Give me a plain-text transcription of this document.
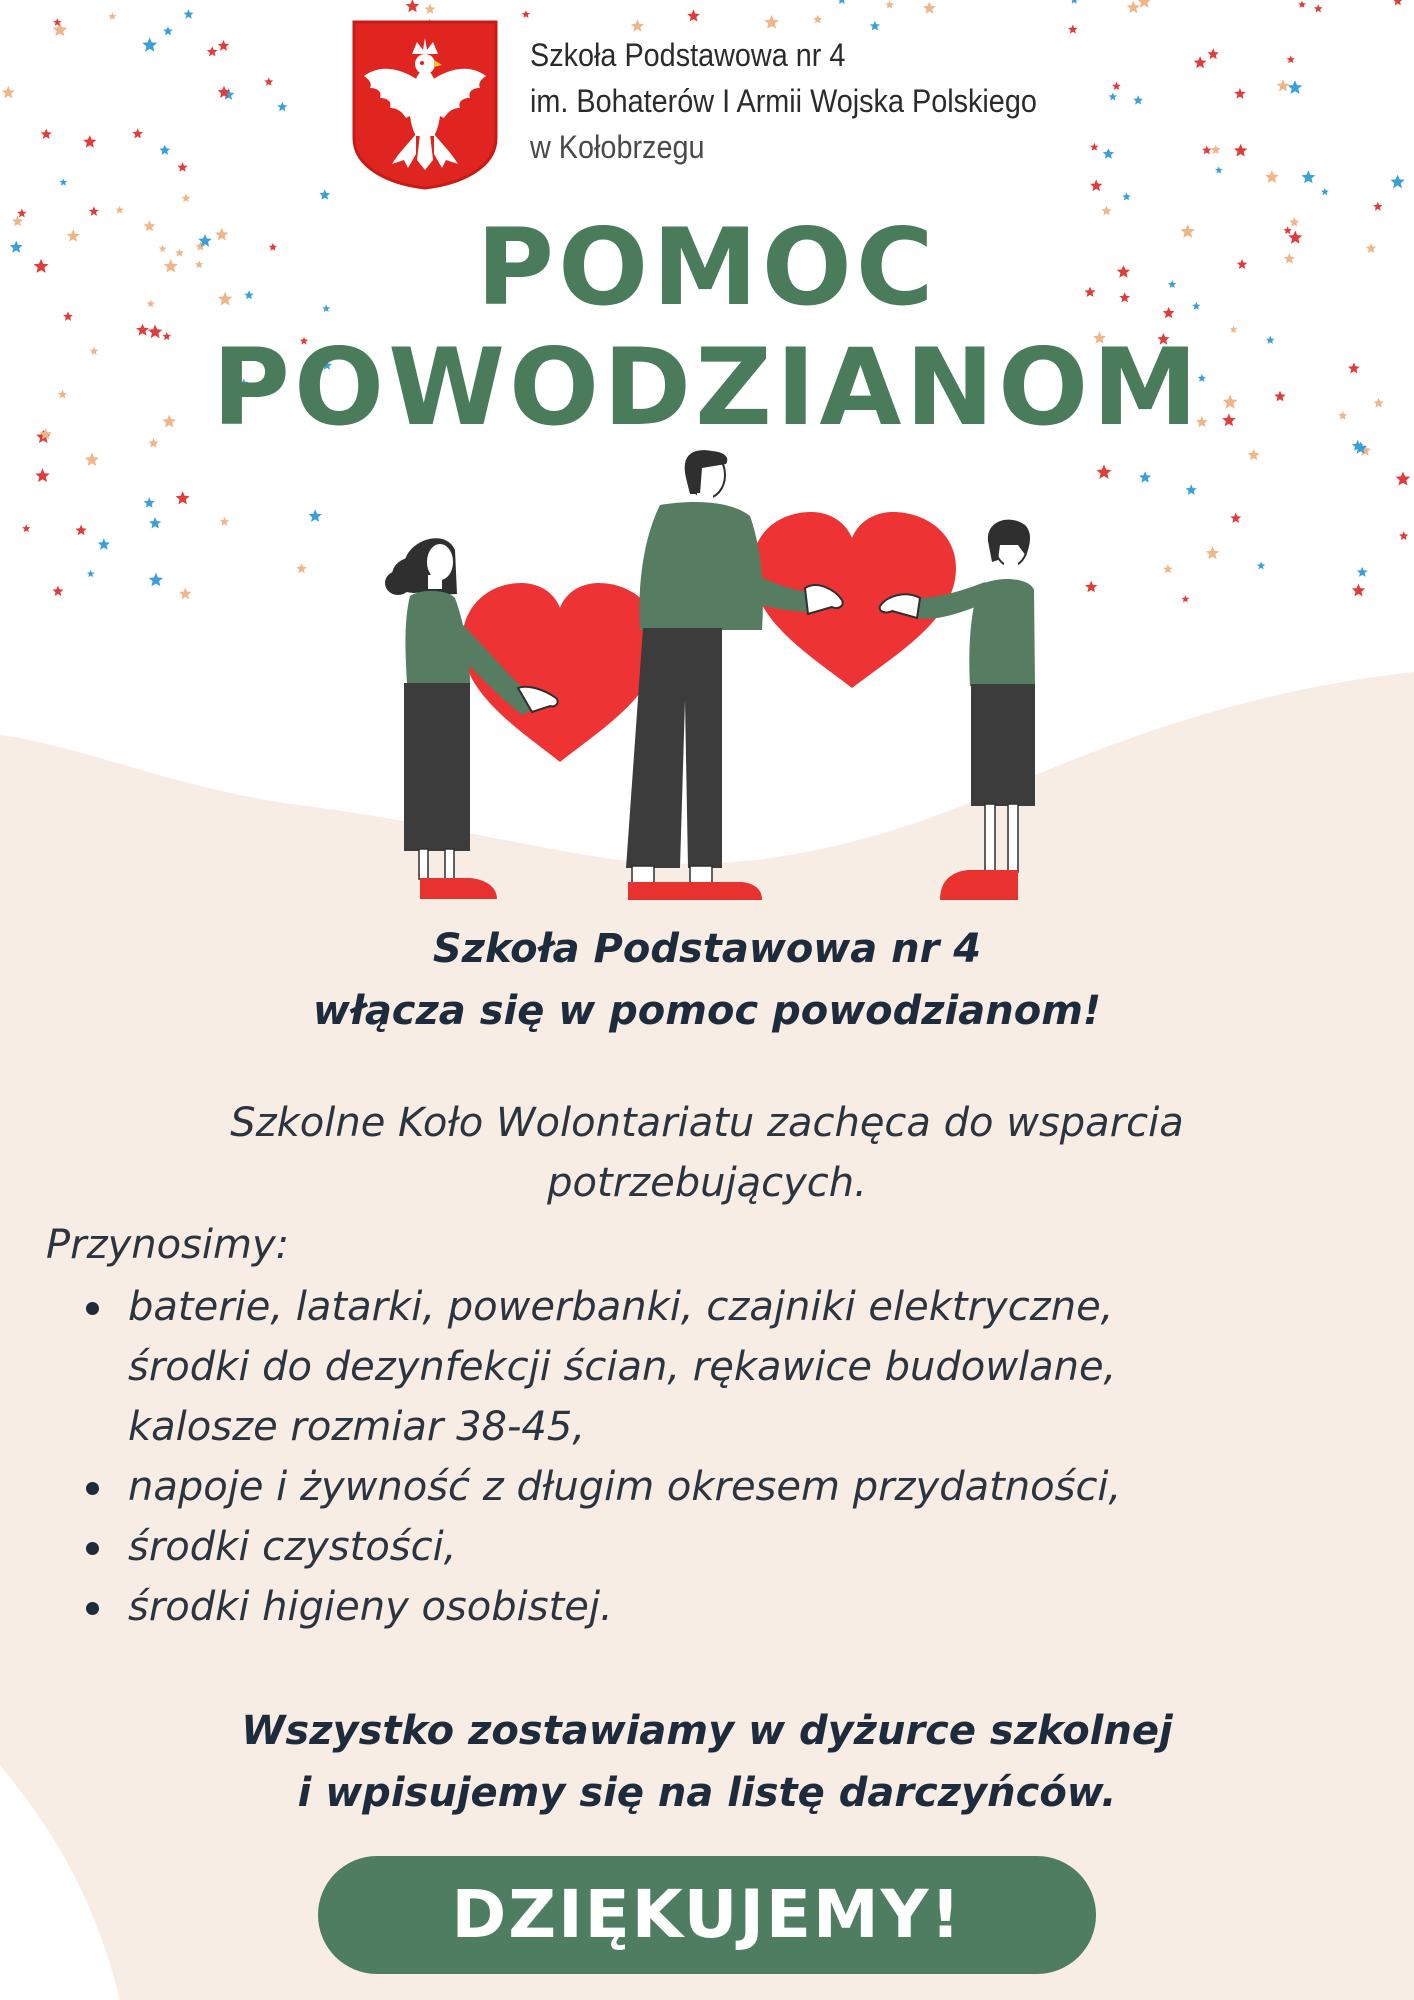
Szkoła Podstawowa nr 4
im. Bohaterów I Armii Wojska Polskiego
w Kołobrzegu
POMOC
POWODZIANOM
Szkoła Podstawowa nr 4
włącza się w pomoc powodzianom!
Szkolne Koło Wolontariatu zachęca do wsparcia
potrzebujących.
Przynosimy:
baterie, latarki, powerbanki, czajniki elektryczne,
środki do dezynfekcji ścian, rękawice budowlane,
kalosze rozmiar 38-45,
napoje i żywność z długim okresem przydatności,
środki czystości,
środki higieny osobistej.
Wszystko zostawiamy w dyżurce szkolnej
i wpisujemy się na listę darczyńców.
DZIĘKUJEMY!
